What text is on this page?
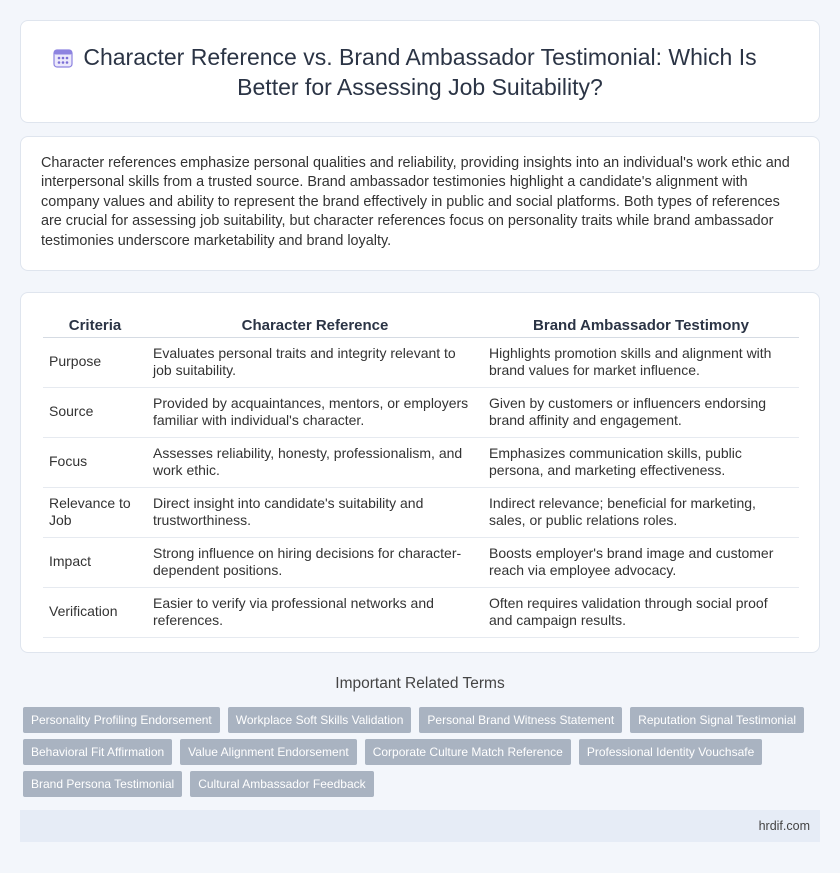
Character Reference vs. Brand Ambassador Testimonial: Which Is Better for Assessing Job Suitability?

Character references emphasize personal qualities and reliability, providing insights into an individual's work ethic and interpersonal skills from a trusted source. Brand ambassador testimonies highlight a candidate's alignment with company values and ability to represent the brand effectively in public and social platforms. Both types of references are crucial for assessing job suitability, but character references focus on personality traits while brand ambassador testimonies underscore marketability and brand loyalty.

Criteria	Character Reference	Brand Ambassador Testimony
Purpose	Evaluates personal traits and integrity relevant to job suitability.	Highlights promotion skills and alignment with brand values for market influence.
Source	Provided by acquaintances, mentors, or employers familiar with individual's character.	Given by customers or influencers endorsing brand affinity and engagement.
Focus	Assesses reliability, honesty, professionalism, and work ethic.	Emphasizes communication skills, public persona, and marketing effectiveness.
Relevance to Job	Direct insight into candidate's suitability and trustworthiness.	Indirect relevance; beneficial for marketing, sales, or public relations roles.
Impact	Strong influence on hiring decisions for character-dependent positions.	Boosts employer's brand image and customer reach via employee advocacy.
Verification	Easier to verify via professional networks and references.	Often requires validation through social proof and campaign results.
Important Related Terms
Personality Profiling Endorsement	Workplace Soft Skills Validation	Personal Brand Witness Statement	Reputation Signal Testimonial
Behavioral Fit Affirmation	Value Alignment Endorsement	Corporate Culture Match Reference	Professional Identity Vouchsafe
Brand Persona Testimonial	Cultural Ambassador Feedback
hrdif.com
